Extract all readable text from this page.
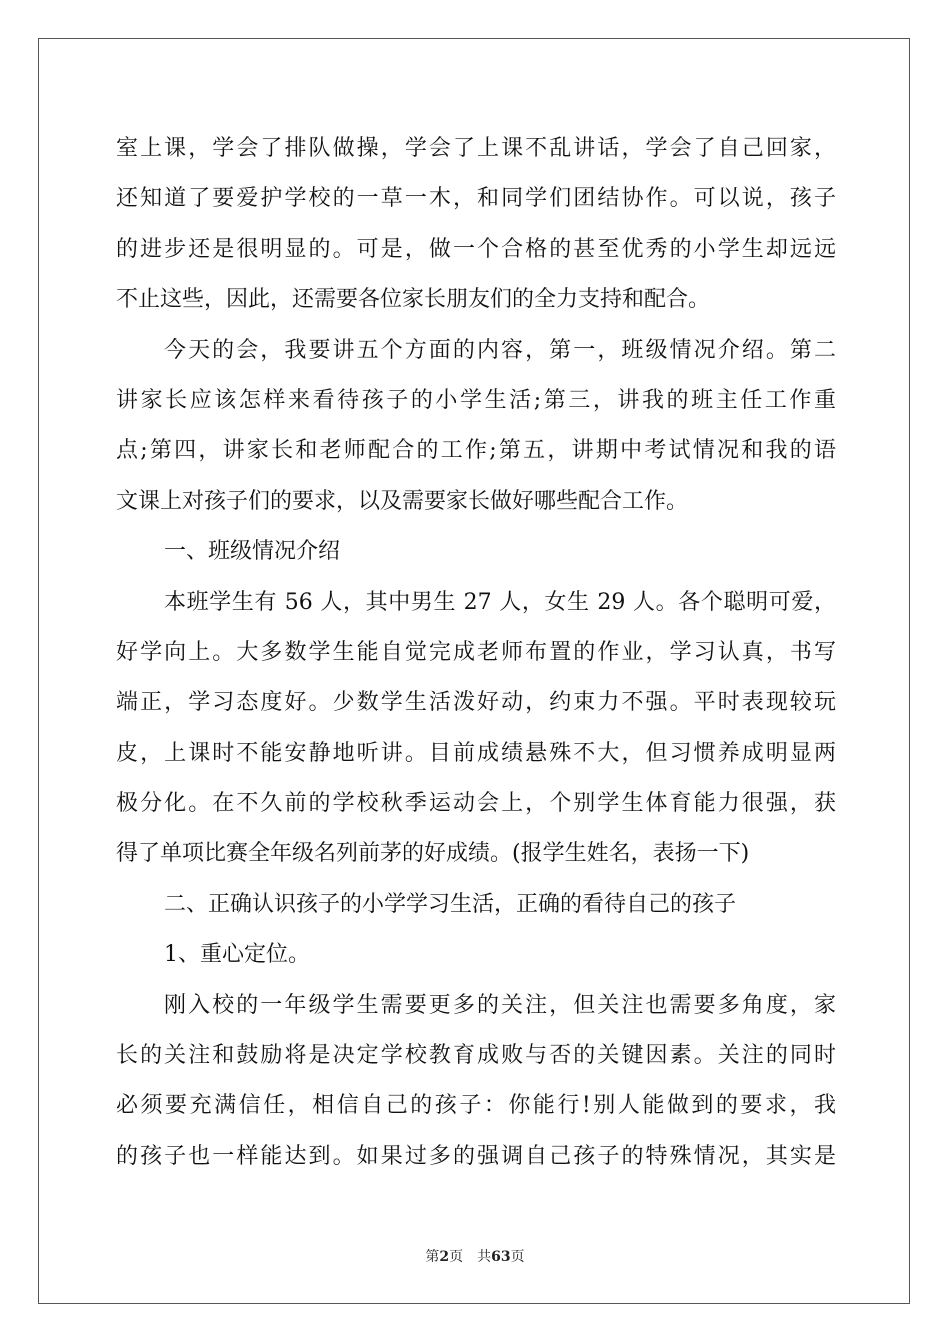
室上课，学会了排队做操，学会了上课不乱讲话，学会了自己回家，
还知道了要爱护学校的一草一木，和同学们团结协作。可以说，孩子
的进步还是很明显的。可是，做一个合格的甚至优秀的小学生却远远
不止这些，因此，还需要各位家长朋友们的全力支持和配合。
今天的会，我要讲五个方面的内容，第一，班级情况介绍。第二
讲家长应该怎样来看待孩子的小学生活;第三，讲我的班主任工作重
点;第四，讲家长和老师配合的工作;第五，讲期中考试情况和我的语
文课上对孩子们的要求，以及需要家长做好哪些配合工作。
一、班级情况介绍
本班学生有 56 人，其中男生 27 人，女生 29 人。各个聪明可爱，
好学向上。大多数学生能自觉完成老师布置的作业，学习认真，书写
端正，学习态度好。少数学生活泼好动，约束力不强。平时表现较玩
皮，上课时不能安静地听讲。目前成绩悬殊不大，但习惯养成明显两
极分化。在不久前的学校秋季运动会上，个别学生体育能力很强，获
得了单项比赛全年级名列前茅的好成绩。(报学生姓名，表扬一下)
二、正确认识孩子的小学学习生活，正确的看待自己的孩子
1、重心定位。
刚入校的一年级学生需要更多的关注，但关注也需要多角度，家
长的关注和鼓励将是决定学校教育成败与否的关键因素。关注的同时
必须要充满信任，相信自己的孩子：你能行!别人能做到的要求，我
的孩子也一样能达到。如果过多的强调自己孩子的特殊情况，其实是
第2页 共63页
